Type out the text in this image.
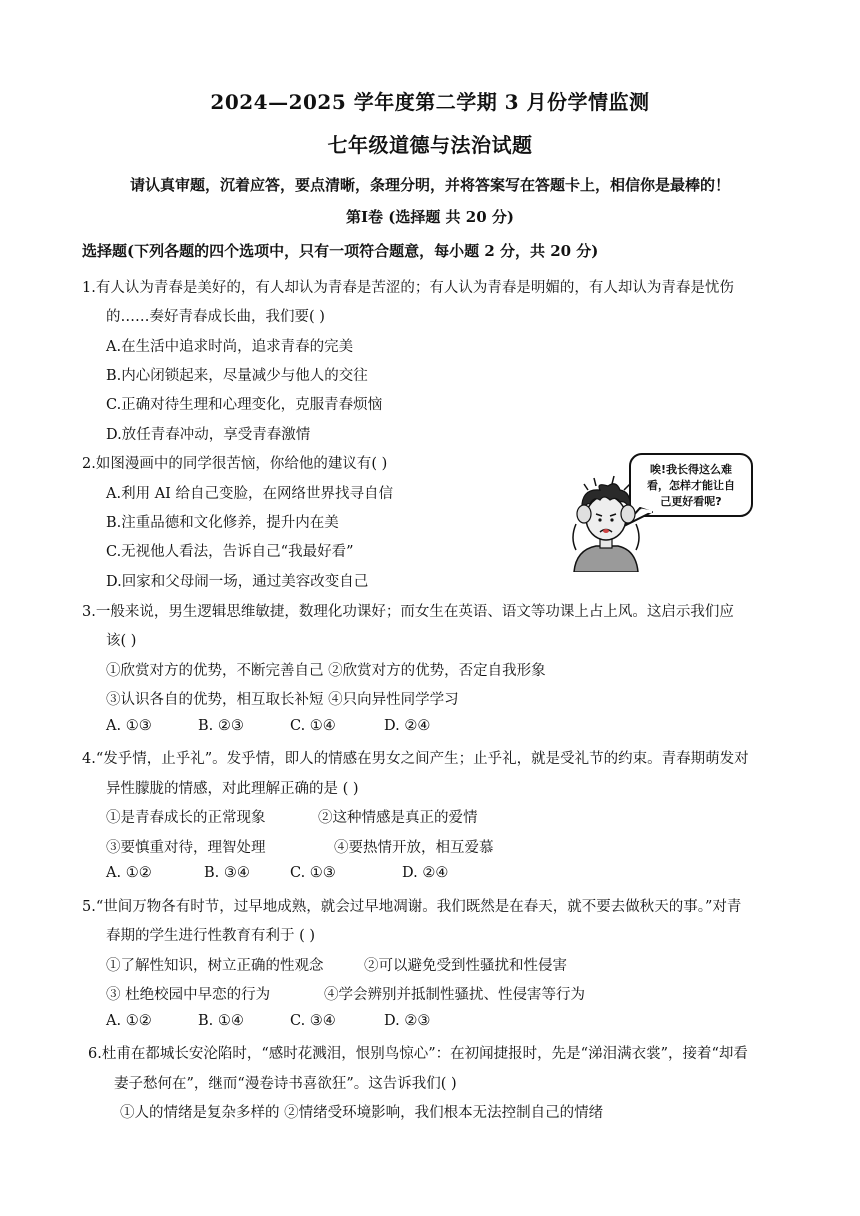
2024—2025 学年度第二学期 3 月份学情监测
七年级道德与法治试题
请认真审题，沉着应答，要点清晰，条理分明，并将答案写在答题卡上，相信你是最棒的！
第Ⅰ卷 (选择题 共 20 分)
选择题(下列各题的四个选项中，只有一项符合题意，每小题 2 分，共 20 分)
1.有人认为青春是美好的，有人却认为青春是苦涩的；有人认为青春是明媚的，有人却认为青春是忧伤
的……奏好青春成长曲，我们要( )
A.在生活中追求时尚，追求青春的完美
B.内心闭锁起来，尽量减少与他人的交往
C.正确对待生理和心理变化，克服青春烦恼
D.放任青春冲动，享受青春激情
2.如图漫画中的同学很苦恼，你给他的建议有( )
A.利用 AI 给自己变脸，在网络世界找寻自信
B.注重品德和文化修养，提升内在美
C.无视他人看法，告诉自己“我最好看”
D.回家和父母闹一场，通过美容改变自己
唉!我长得这么难
看，怎样才能让自
己更好看呢?
3.一般来说，男生逻辑思维敏捷，数理化功课好；而女生在英语、语文等功课上占上风。这启示我们应
该( )
①欣赏对方的优势，不断完善自己 ②欣赏对方的优势，否定自我形象
③认识各自的优势，相互取长补短 ④只向异性同学学习
A. ①③	B. ②③	C. ①④	D. ②④
4.“发乎情，止乎礼”。发乎情，即人的情感在男女之间产生；止乎礼，就是受礼节的约束。青春期萌发对
异性朦胧的情感，对此理解正确的是 ( )
①是青春成长的正常现象	②这种情感是真正的爱情
③要慎重对待，理智处理	④要热情开放，相互爱慕
A. ①②	B. ③④	C. ①③	D. ②④
5.“世间万物各有时节，过早地成熟，就会过早地凋谢。我们既然是在春天，就不要去做秋天的事。”对青
春期的学生进行性教育有利于 ( )
①了解性知识，树立正确的性观念	②可以避免受到性骚扰和性侵害
③ 杜绝校园中早恋的行为	④学会辨别并抵制性骚扰、性侵害等行为
A. ①②	B. ①④	C. ③④	D. ②③
6.杜甫在都城长安沦陷时，“感时花溅泪，恨别鸟惊心”：在初闻捷报时，先是“涕泪满衣裳”，接着“却看
妻子愁何在”，继而“漫卷诗书喜欲狂”。这告诉我们( )
①人的情绪是复杂多样的 ②情绪受环境影响，我们根本无法控制自己的情绪
